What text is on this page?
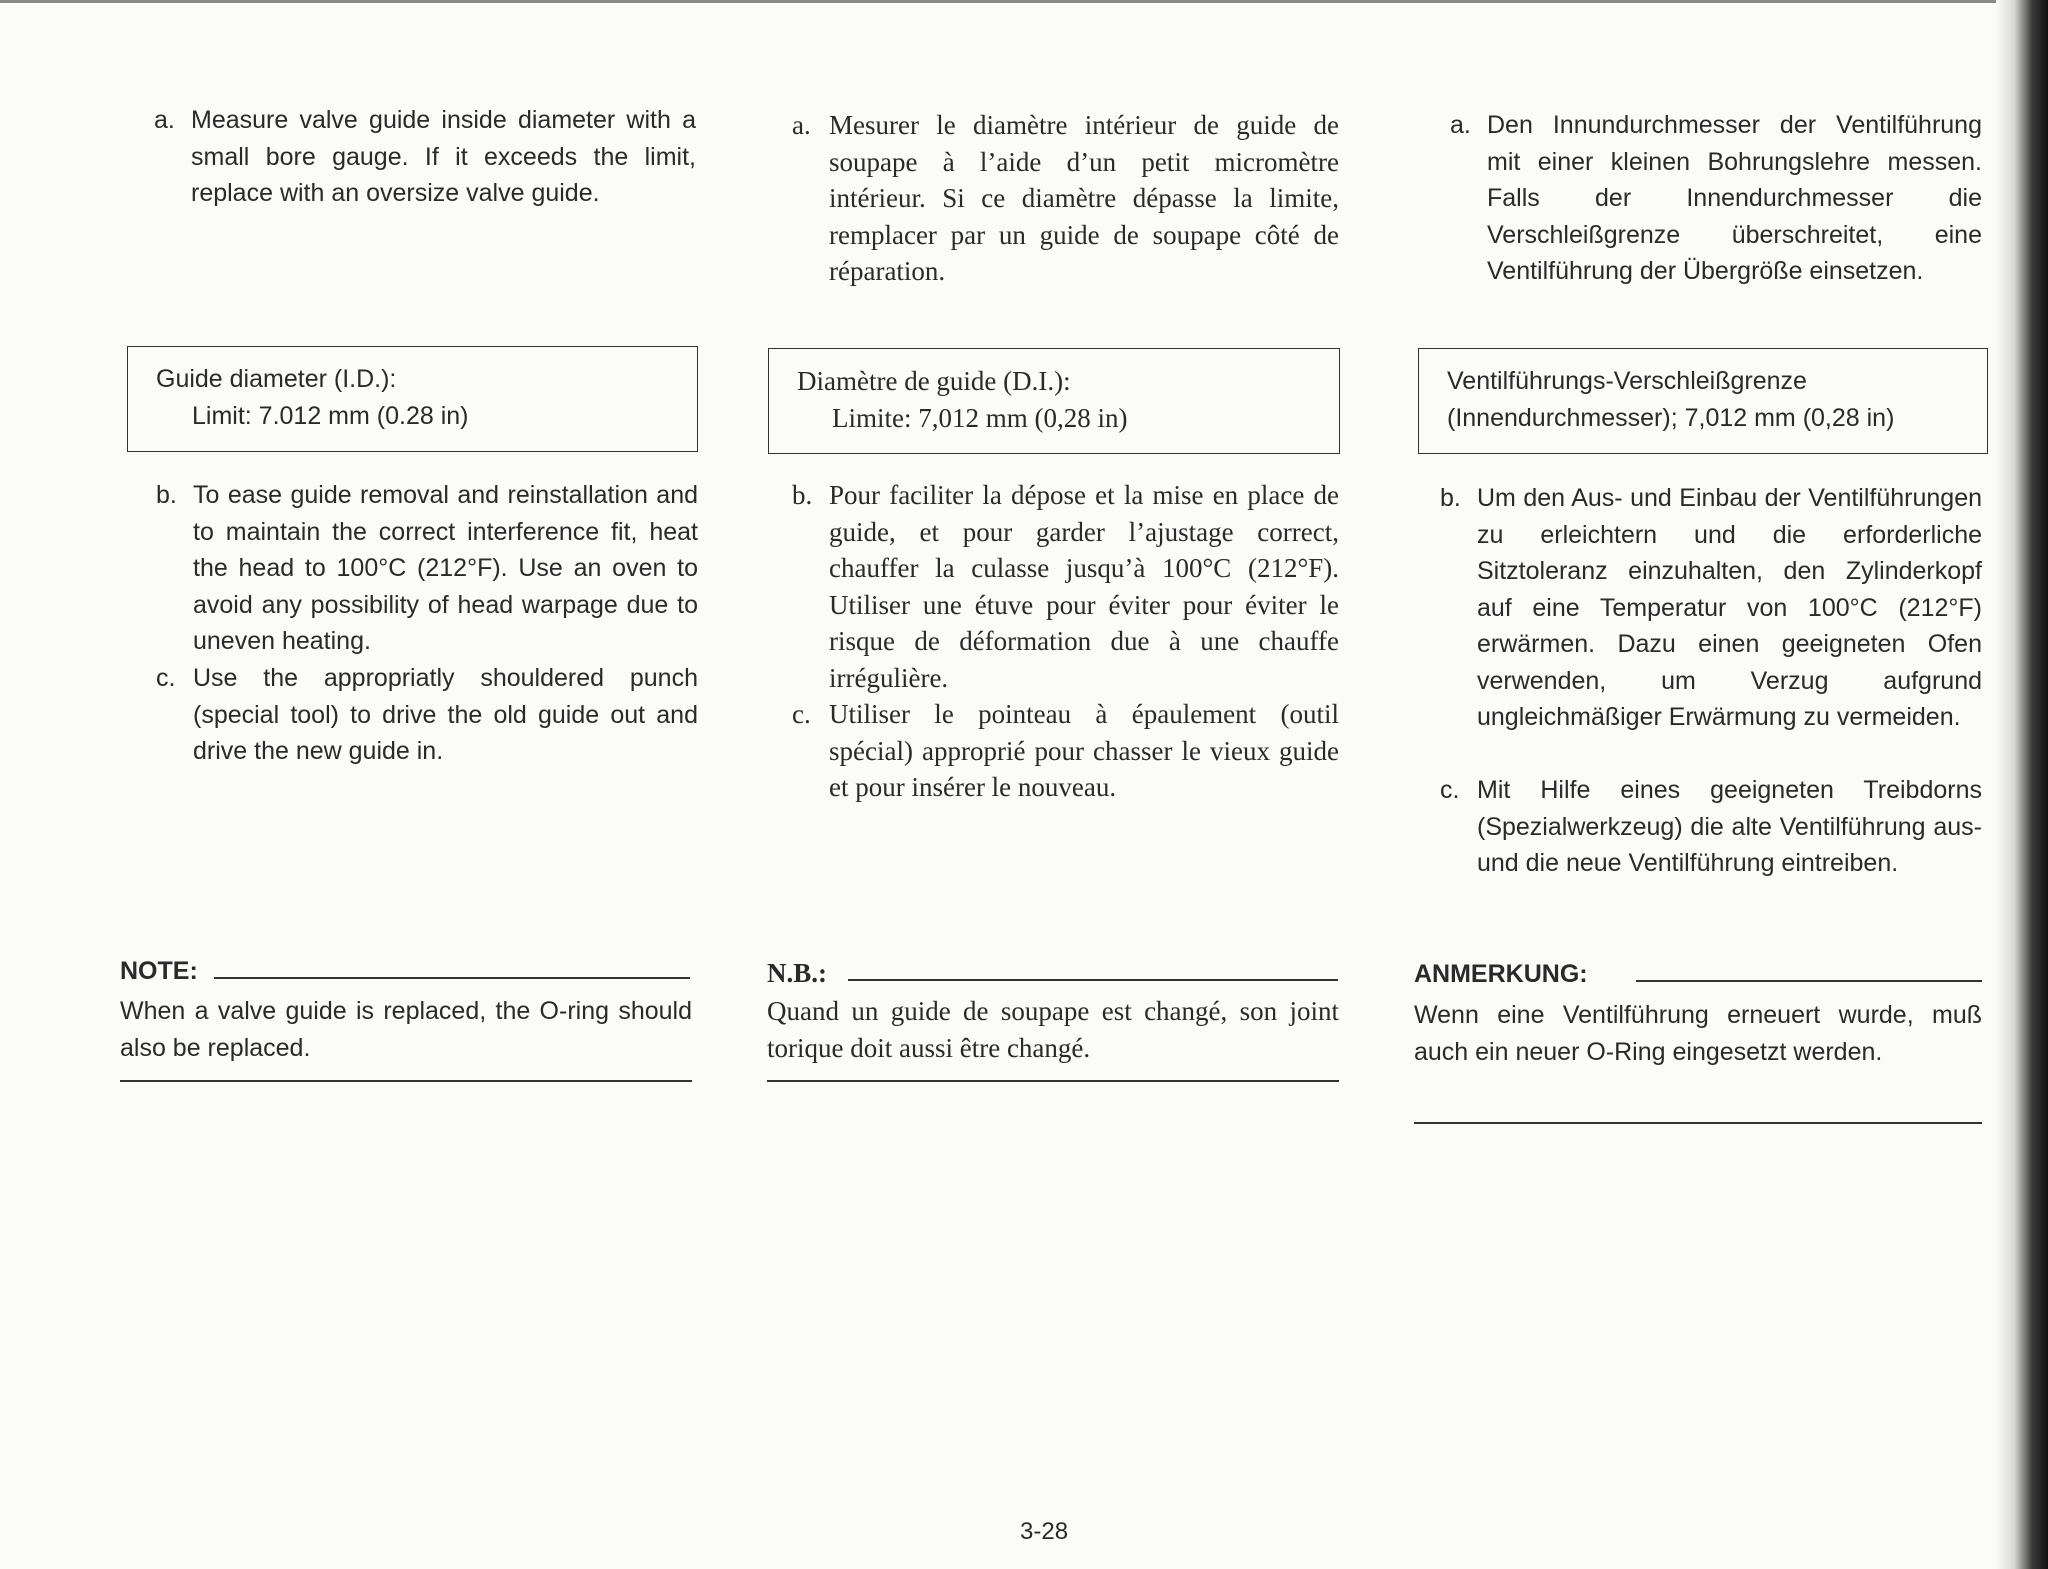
a. Measure valve guide inside diameter with a small bore gauge. If it exceeds the limit, replace with an oversize valve guide.
Guide diameter (I.D.):
Limit: 7.012 mm (0.28 in)
b. To ease guide removal and reinstallation and to maintain the correct interference fit, heat the head to 100°C (212°F). Use an oven to avoid any possibility of head warpage due to uneven heating.
c. Use the appropriatly shouldered punch (special tool) to drive the old guide out and drive the new guide in.
NOTE:
When a valve guide is replaced, the O-ring should also be replaced.
a. Mesurer le diamètre intérieur de guide de soupape à l’aide d’un petit micromètre intérieur. Si ce diamètre dépasse la limite, remplacer par un guide de soupape côté de réparation.
Diamètre de guide (D.I.):
Limite: 7,012 mm (0,28 in)
b. Pour faciliter la dépose et la mise en place de guide, et pour garder l’ajustage correct, chauffer la culasse jusqu’à 100°C (212°F). Utiliser une étuve pour éviter pour éviter le risque de déformation due à une chauffe irrégulière.
c. Utiliser le pointeau à épaulement (outil spécial) approprié pour chasser le vieux guide et pour insérer le nouveau.
N.B.:
Quand un guide de soupape est changé, son joint torique doit aussi être changé.
a. Den Innundurchmesser der Ventilführung mit einer kleinen Bohrungslehre messen. Falls der Innendurchmesser die Verschleißgrenze überschreitet, eine Ventilführung der Übergröße einsetzen.
Ventilführungs-Verschleißgrenze
(Innendurchmesser); 7,012 mm (0,28 in)
b. Um den Aus- und Einbau der Ventilführungen zu erleichtern und die erforderliche Sitztoleranz einzuhalten, den Zylinderkopf auf eine Temperatur von 100°C (212°F) erwärmen. Dazu einen geeigneten Ofen verwenden, um Verzug aufgrund ungleichmäßiger Erwärmung zu vermeiden.
c. Mit Hilfe eines geeigneten Treibdorns (Spezialwerkzeug) die alte Ventilführung aus- und die neue Ventilführung eintreiben.
ANMERKUNG:
Wenn eine Ventilführung erneuert wurde, muß auch ein neuer O-Ring eingesetzt werden.
3-28
